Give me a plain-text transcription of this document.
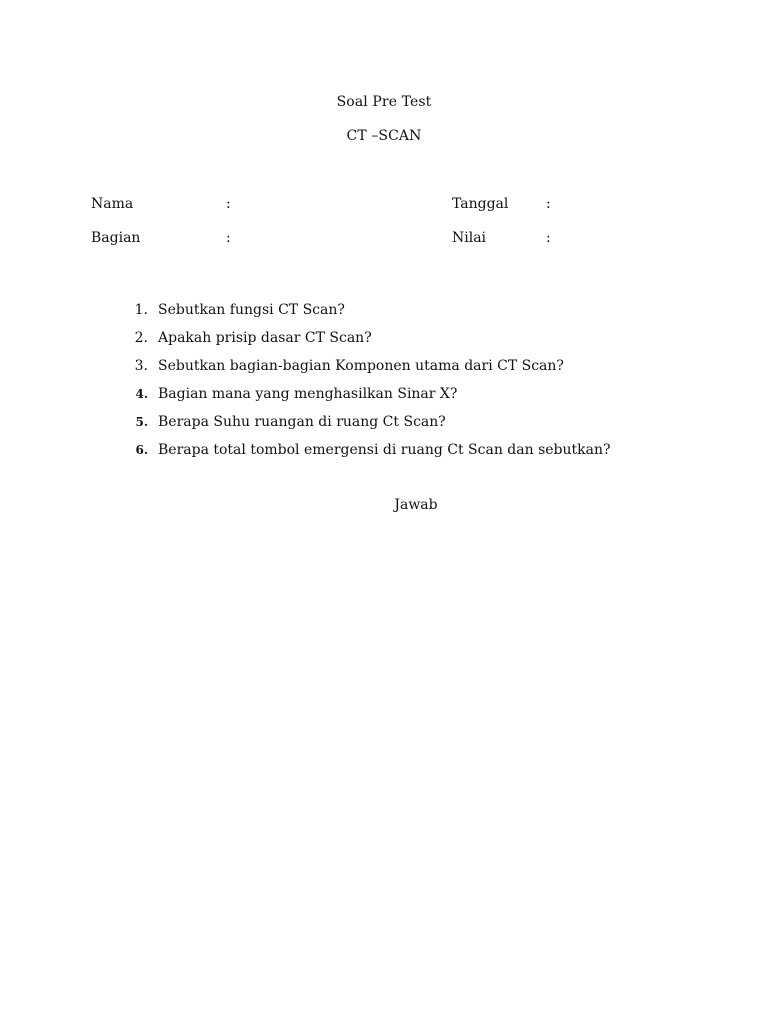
Soal Pre Test
CT –SCAN
Nama	:	Tanggal	:
Bagian	:	Nilai	:
1. Sebutkan fungsi CT Scan?
2. Apakah prisip dasar CT Scan?
3. Sebutkan bagian-bagian Komponen utama dari CT Scan?
4. Bagian mana yang menghasilkan Sinar X?
5. Berapa Suhu ruangan di ruang Ct Scan?
6. Berapa total tombol emergensi di ruang Ct Scan dan sebutkan?
Jawab
